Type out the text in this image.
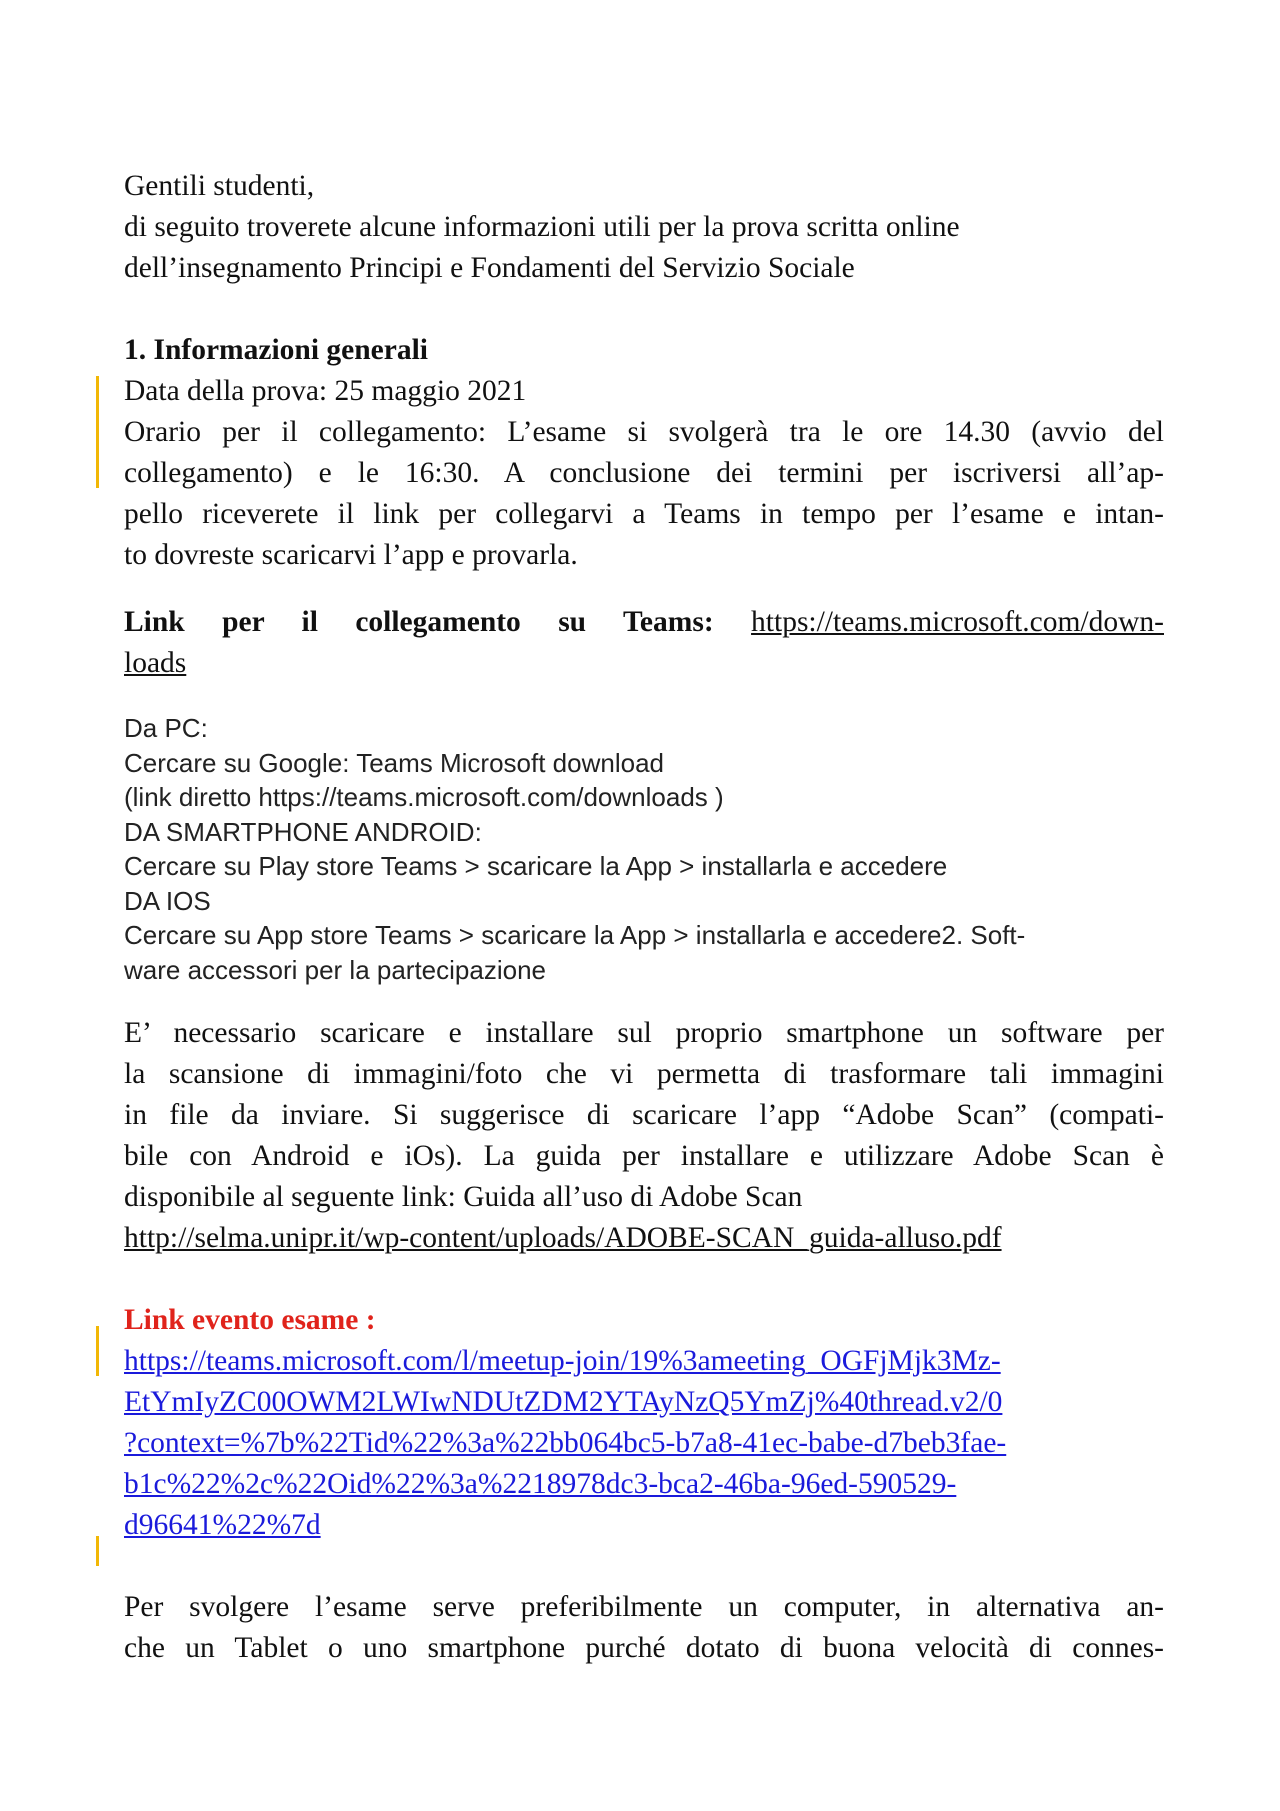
Gentili studenti,
di seguito troverete alcune informazioni utili per la prova scritta online
dell’insegnamento Principi e Fondamenti del Servizio Sociale
1. Informazioni generali
Data della prova: 25 maggio 2021
Orario per il collegamento: L’esame si svolgerà tra le ore 14.30 (avvio del
collegamento) e le 16:30. A conclusione dei termini per iscriversi all’ap-
pello riceverete il link per collegarvi a Teams in tempo per l’esame e intan-
to dovreste scaricarvi l’app e provarla.
Link per il collegamento su Teams: https://teams.microsoft.com/down-
loads
Da PC:
Cercare su Google: Teams Microsoft download
(link diretto https://teams.microsoft.com/downloads )
DA SMARTPHONE ANDROID:
Cercare su Play store Teams > scaricare la App > installarla e accedere
DA IOS
Cercare su App store Teams > scaricare la App > installarla e accedere2. Soft-
ware accessori per la partecipazione
E’ necessario scaricare e installare sul proprio smartphone un software per
la scansione di immagini/foto che vi permetta di trasformare tali immagini
in file da inviare. Si suggerisce di scaricare l’app “Adobe Scan” (compati-
bile con Android e iOs). La guida per installare e utilizzare Adobe Scan è
disponibile al seguente link: Guida all’uso di Adobe Scan
http://selma.unipr.it/wp-content/uploads/ADOBE-SCAN_guida-alluso.pdf
Link evento esame :
https://teams.microsoft.com/l/meetup-join/19%3ameeting_OGFjMjk3Mz-
EtYmIyZC00OWM2LWIwNDUtZDM2YTAyNzQ5YmZj%40thread.v2/0
?context=%7b%22Tid%22%3a%22bb064bc5-b7a8-41ec-babe-d7beb3fae-
b1c%22%2c%22Oid%22%3a%2218978dc3-bca2-46ba-96ed-590529-
d96641%22%7d
Per svolgere l’esame serve preferibilmente un computer, in alternativa an-
che un Tablet o uno smartphone purché dotato di buona velocità di connes-
